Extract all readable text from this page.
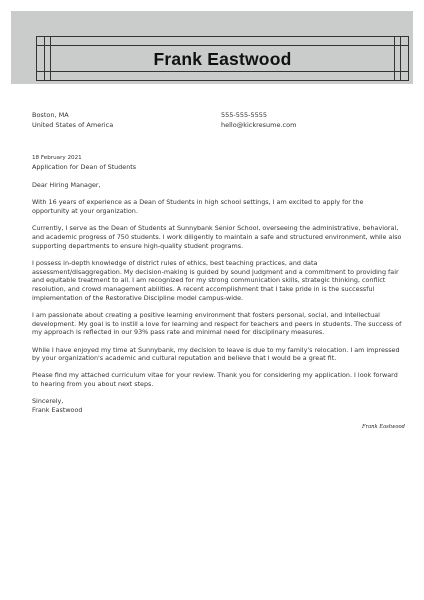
Frank Eastwood
Boston, MA
United States of America
555-555-5555
hello@kickresume.com
18 February 2021
Application for Dean of Students
Dear Hiring Manager,

With 16 years of experience as a Dean of Students in high school settings, I am excited to apply for the opportunity at your organization.

Currently, I serve as the Dean of Students at Sunnybank Senior School, overseeing the administrative, behavioral, and academic progress of 750 students. I work diligently to maintain a safe and structured environment, while also supporting departments to ensure high-quality student programs.

I possess in-depth knowledge of district rules of ethics, best teaching practices, and data assessment/disaggregation. My decision-making is guided by sound judgment and a commitment to providing fair and equitable treatment to all. I am recognized for my strong communication skills, strategic thinking, conflict resolution, and crowd management abilities. A recent accomplishment that I take pride in is the successful implementation of the Restorative Discipline model campus-wide.

I am passionate about creating a positive learning environment that fosters personal, social, and intellectual development. My goal is to instill a love for learning and respect for teachers and peers in students. The success of my approach is reflected in our 93% pass rate and minimal need for disciplinary measures.

While I have enjoyed my time at Sunnybank, my decision to leave is due to my family's relocation. I am impressed by your organization's academic and cultural reputation and believe that I would be a great fit.

Please find my attached curriculum vitae for your review. Thank you for considering my application. I look forward to hearing from you about next steps.

Sincerely,
Frank Eastwood
Frank Eastwood
